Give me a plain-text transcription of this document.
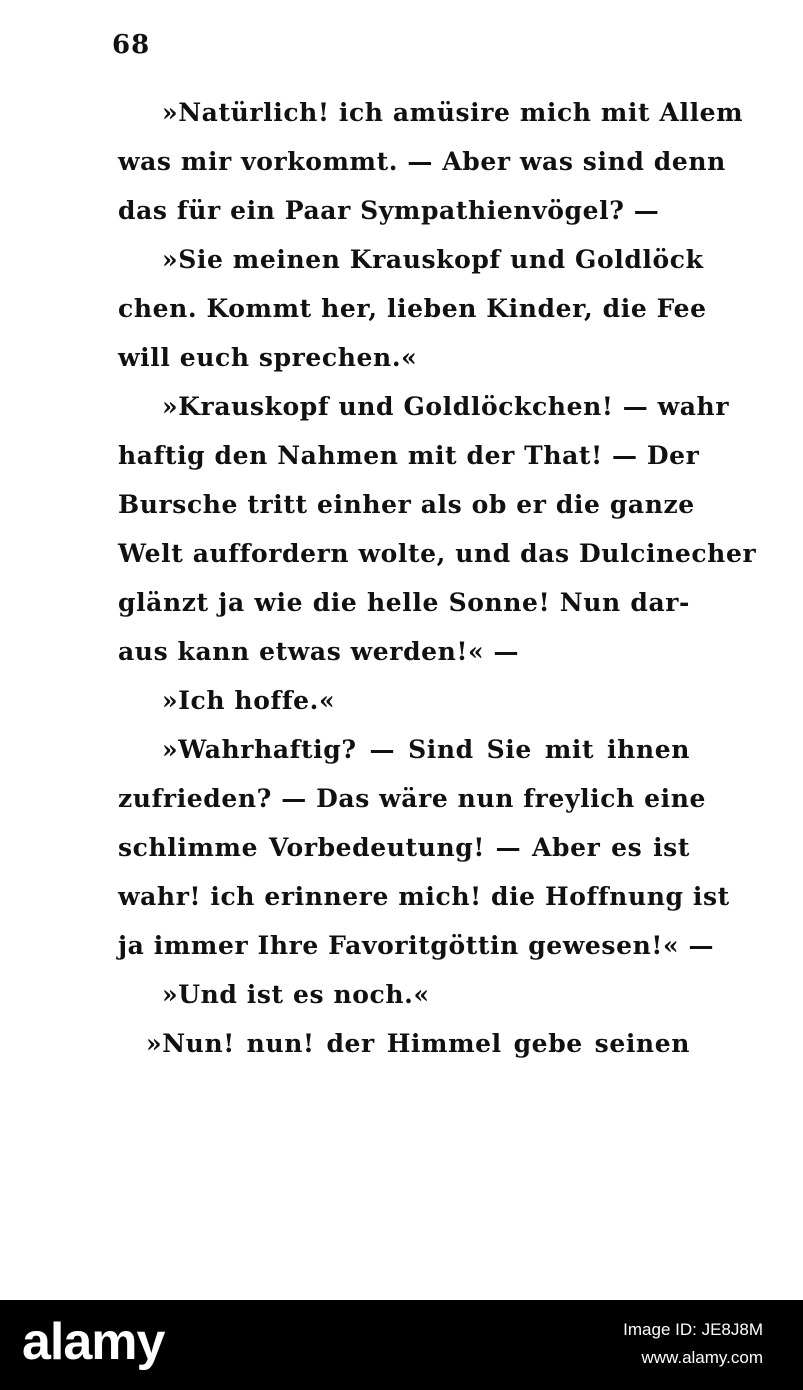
68
»Natürlich! ich amüsire mich mit Allem
was mir vorkommt. — Aber was sind denn
das für ein Paar Sympathienvögel? —
»Sie meinen Krauskopf und Goldlöck
chen. Kommt her, lieben Kinder, die Fee
will euch sprechen.«
»Krauskopf und Goldlöckchen! — wahr
haftig den Nahmen mit der That! — Der
Bursche tritt einher als ob er die ganze
Welt auffordern wolte, und das Dulcinecher
glänzt ja wie die helle Sonne! Nun dar-
aus kann etwas werden!« —
»Ich hoffe.«
»Wahrhaftig? — Sind Sie mit ihnen
zufrieden? — Das wäre nun freylich eine
schlimme Vorbedeutung! — Aber es ist
wahr! ich erinnere mich! die Hoffnung ist
ja immer Ihre Favoritgöttin gewesen!« —
»Und ist es noch.«
»Nun! nun! der Himmel gebe seinen
alamy	Image ID: JE8J8M
www.alamy.com
